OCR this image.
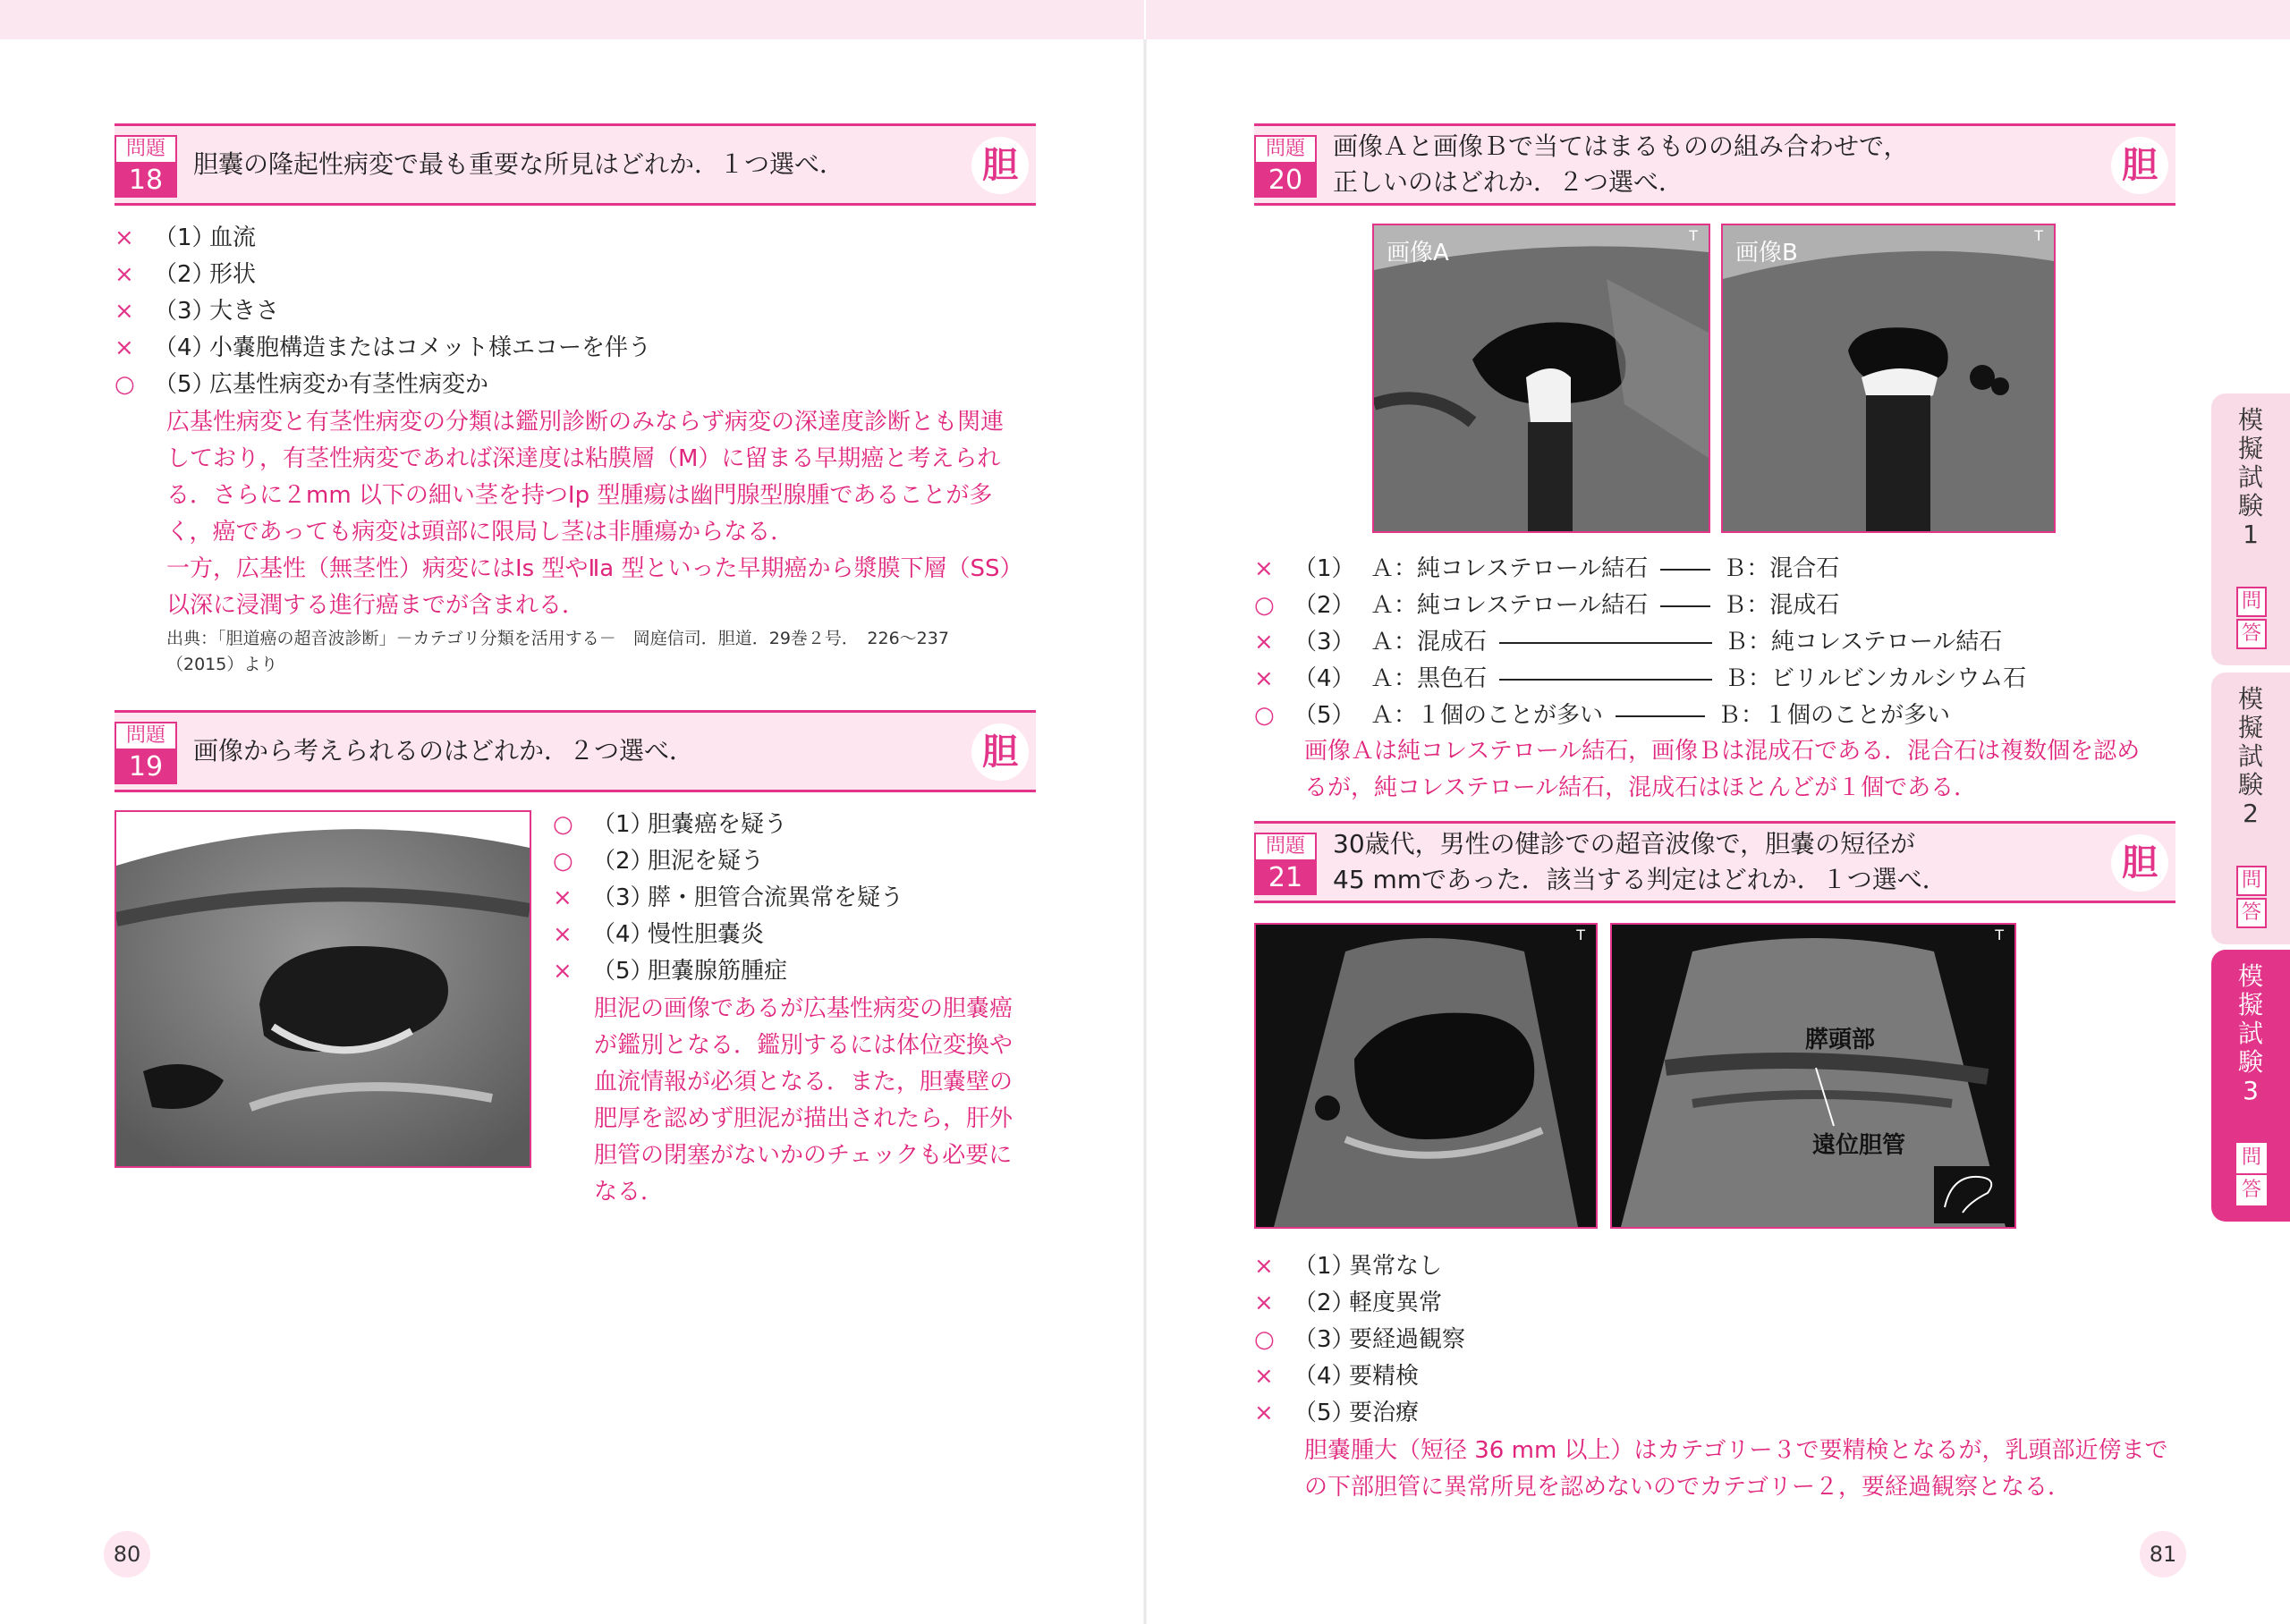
問題
18
胆囊の隆起性病変で最も重要な所見はどれか．１つ選べ．	胆
× （1）
血流
× （2）
形状
× （3）
大きさ
× （4）
小嚢胞構造またはコメット様エコーを伴う
○ （5）
広基性病変か有茎性病変か
広基性病変と有茎性病変の分類は鑑別診断のみならず病変の深達度診断とも関連
しており，有茎性病変であれば深達度は粘膜層（M）に留まる早期癌と考えられ
る．さらに２mm 以下の細い茎を持つⅠp 型腫瘍は幽門腺型腺腫であることが多
く，癌であっても病変は頭部に限局し茎は非腫瘍からなる．
一方，広基性（無茎性）病変にはⅠs 型やⅡa 型といった早期癌から漿膜下層（SS）
以深に浸潤する進行癌までが含まれる．
出典：「胆道癌の超音波診断」－カテゴリ分類を活用する－　岡庭信司．胆道．29巻２号．　226～237
（2015）より
問題
19
画像から考えられるのはどれか．２つ選べ．	胆
○ （1）
胆嚢癌を疑う
○ （2）
胆泥を疑う
× （3）
膵・胆管合流異常を疑う
× （4）
慢性胆嚢炎
× （5）
胆嚢腺筋腫症
胆泥の画像であるが広基性病変の胆嚢癌
が鑑別となる．鑑別するには体位変換や
血流情報が必須となる．また，胆嚢壁の
肥厚を認めず胆泥が描出されたら，肝外
胆管の閉塞がないかのチェックも必要に
なる．
80
問題
20
画像Ａと画像Ｂで当てはまるものの組み合わせで，
正しいのはどれか．２つ選べ．	胆
画像A
T
画像B
T
× （1） Ａ：純コレステロール結石	Ｂ：混合石
○ （2） Ａ：純コレステロール結石	Ｂ：混成石
× （3） Ａ：混成石	Ｂ：純コレステロール結石
× （4） Ａ：黒色石	Ｂ：ビリルビンカルシウム石
○ （5） Ａ：１個のことが多い	Ｂ：１個のことが多い
画像Ａは純コレステロール結石，画像Ｂは混成石である．混合石は複数個を認め
るが，純コレステロール結石，混成石はほとんどが１個である．
問題
21
30歳代，男性の健診での超音波像で，胆嚢の短径が
45 mmであった．該当する判定はどれか．１つ選べ．	胆
T
膵頭部
遠位胆管
T
× （1）
異常なし
× （2）
軽度異常
○ （3）
要経過観察
× （4）
要精検
× （5）
要治療
胆嚢腫大（短径 36 mm 以上）はカテゴリー３で要精検となるが，乳頭部近傍まで
の下部胆管に異常所見を認めないのでカテゴリー２，要経過観察となる．
81
模擬試験1
問
答
模擬試験2
問
答
模擬試験3
問
答
